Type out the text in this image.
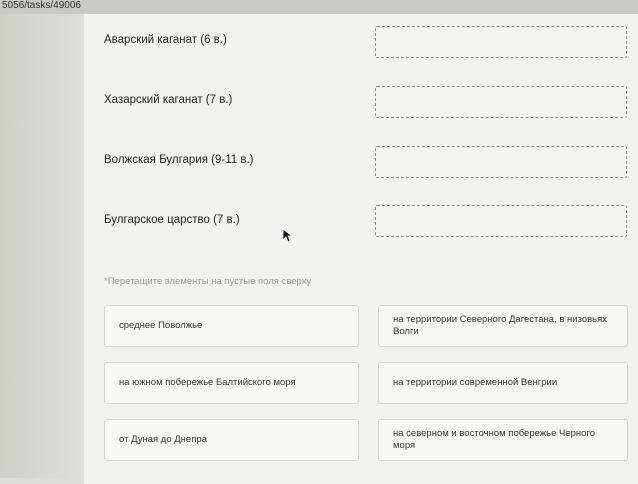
5056/tasks/49006
Аварский каганат (6 в.)
Хазарский каганат (7 в.)
Волжская Булгария (9-11 в.)
Булгарское царство (7 в.)
*Перетащите элементы на пустые поля сверху
среднее Поволжье
на территории Северного Дагестана, в низовьях Волги
на южном побережье Балтийского моря	на территории современной Венгрии
от Дуная до Днепра
на северном и восточном побережье Черного моря
